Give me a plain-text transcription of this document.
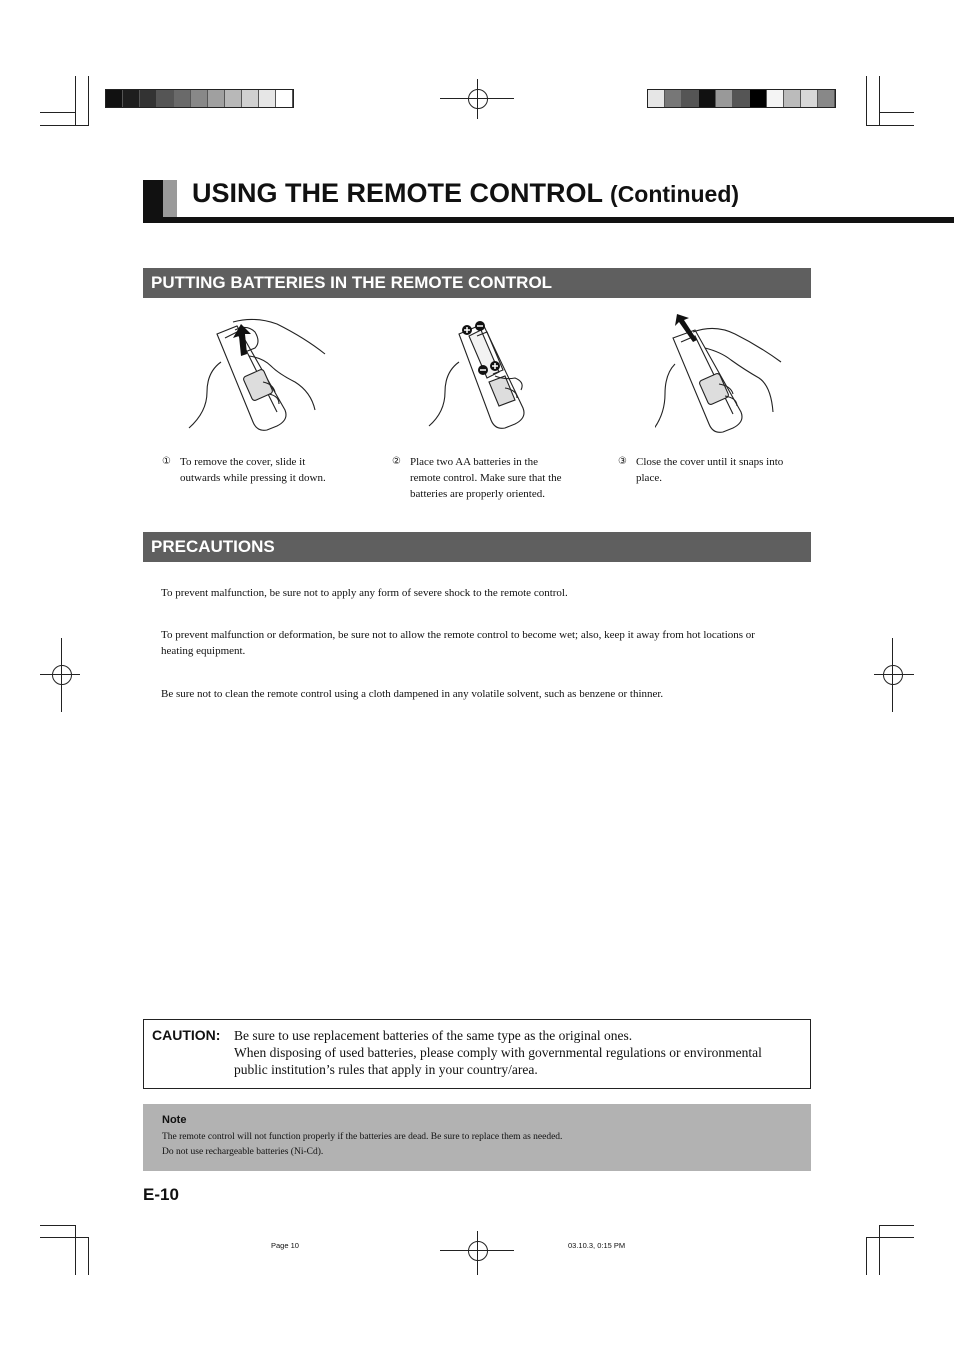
USING THE REMOTE CONTROL (Continued)
PUTTING BATTERIES IN THE REMOTE CONTROL
① To remove the cover, slide it
outwards while pressing it down.
② Place two AA batteries in the
remote control. Make sure that the
batteries are properly oriented.
③ Close the cover until it snaps into
place.
PRECAUTIONS
To prevent malfunction, be sure not to apply any form of severe shock to the remote control.
To prevent malfunction or deformation, be sure not to allow the remote control to become wet; also, keep it away from hot locations or
heating equipment.
Be sure not to clean the remote control using a cloth dampened in any volatile solvent, such as benzene or thinner.
CAUTION: Be sure to use replacement batteries of the same type as the original ones.
When disposing of used batteries, please comply with governmental regulations or environmental
public institution’s rules that apply in your country/area.
Note
The remote control will not function properly if the batteries are dead. Be sure to replace them as needed.
Do not use rechargeable batteries (Ni-Cd).
E-10
Page 10	03.10.3, 0:15 PM
